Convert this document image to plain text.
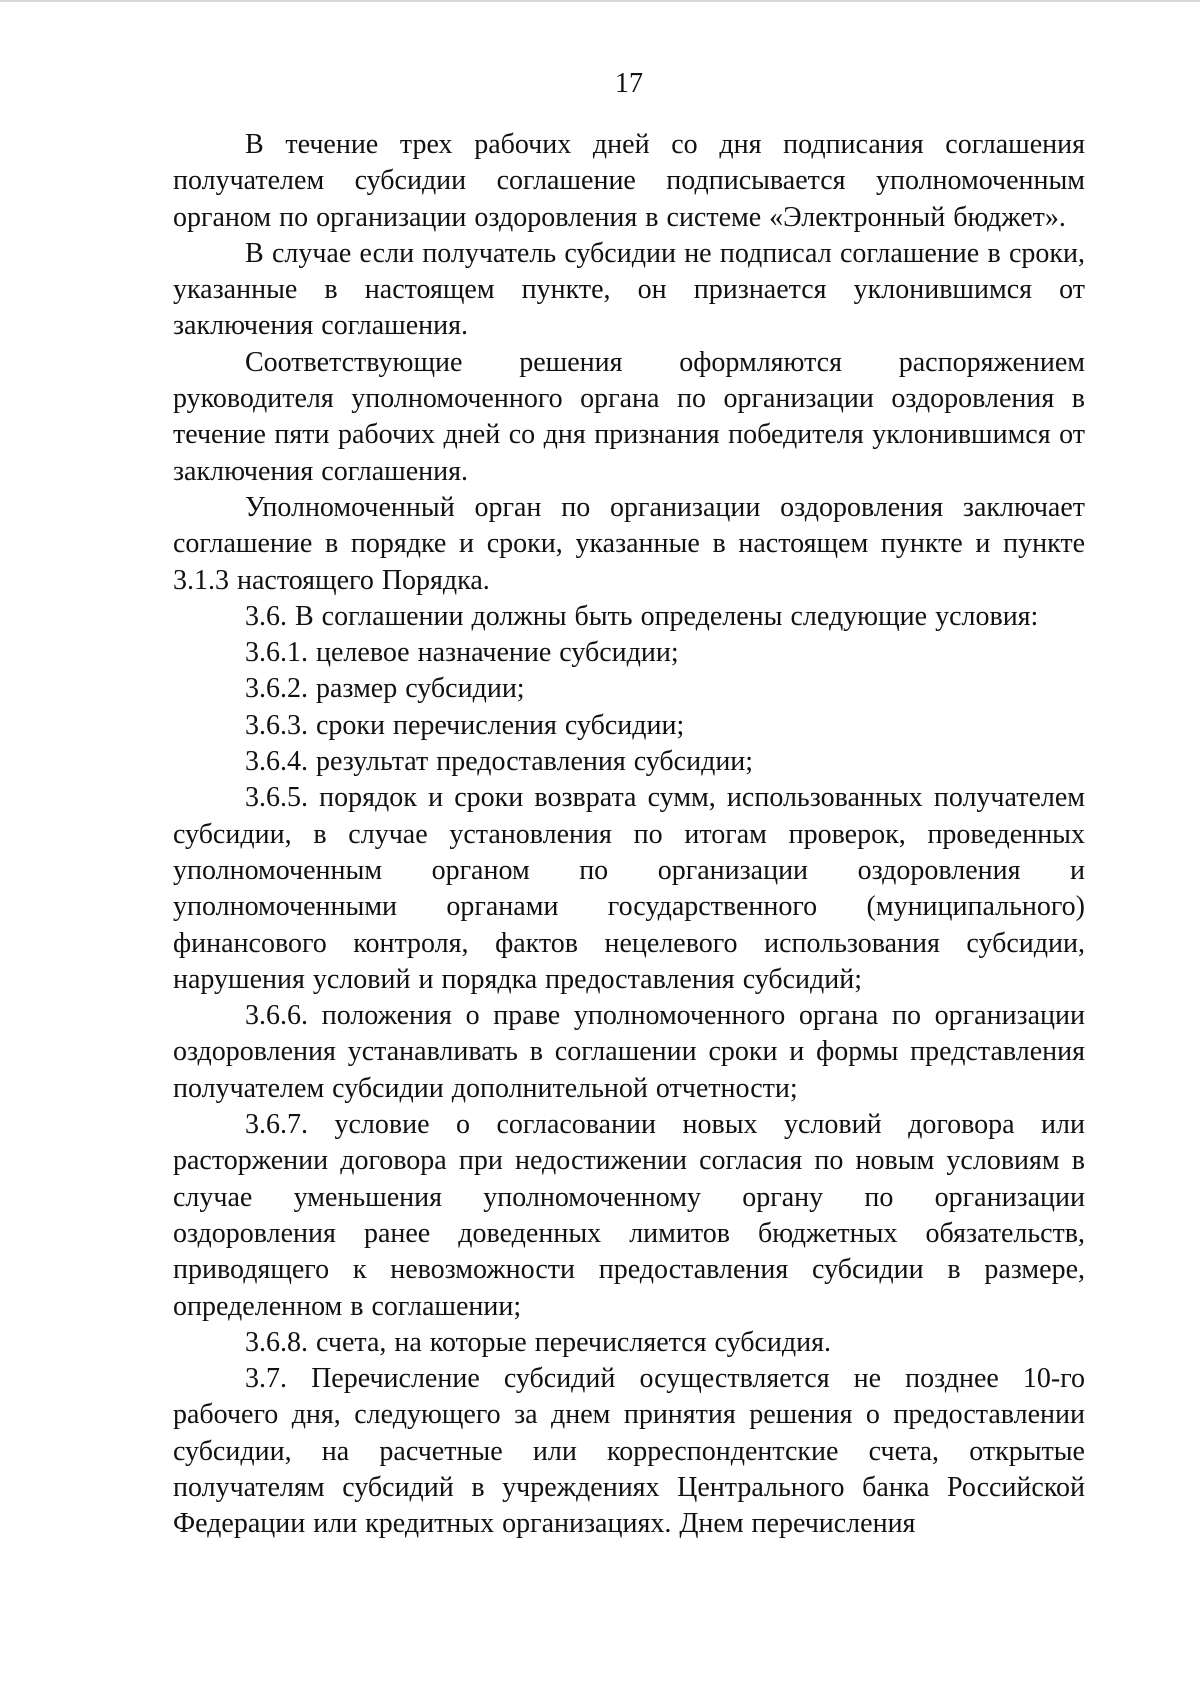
17

В течение трех рабочих дней со дня подписания соглашения получателем субсидии соглашение подписывается уполномоченным органом по организации оздоровления в системе «Электронный бюджет».

В случае если получатель субсидии не подписал соглашение в сроки, указанные в настоящем пункте, он признается уклонившимся от заключения соглашения.

Соответствующие решения оформляются распоряжением руководителя уполномоченного органа по организации оздоровления в течение пяти рабочих дней со дня признания победителя уклонившимся от заключения соглашения.

Уполномоченный орган по организации оздоровления заключает соглашение в порядке и сроки, указанные в настоящем пункте и пункте 3.1.3 настоящего Порядка.

3.6. В соглашении должны быть определены следующие условия:

3.6.1. целевое назначение субсидии;

3.6.2. размер субсидии;

3.6.3. сроки перечисления субсидии;

3.6.4. результат предоставления субсидии;

3.6.5. порядок и сроки возврата сумм, использованных получателем субсидии, в случае установления по итогам проверок, проведенных уполномоченным органом по организации оздоровления и уполномоченными органами государственного (муниципального) финансового контроля, фактов нецелевого использования субсидии, нарушения условий и порядка предоставления субсидий;

3.6.6. положения о праве уполномоченного органа по организации оздоровления устанавливать в соглашении сроки и формы представления получателем субсидии дополнительной отчетности;

3.6.7. условие о согласовании новых условий договора или расторжении договора при недостижении согласия по новым условиям в случае уменьшения уполномоченному органу по организации оздоровления ранее доведенных лимитов бюджетных обязательств, приводящего к невозможности предоставления субсидии в размере, определенном в соглашении;

3.6.8. счета, на которые перечисляется субсидия.

3.7. Перечисление субсидий осуществляется не позднее 10-го рабочего дня, следующего за днем принятия решения о предоставлении субсидии, на расчетные или корреспондентские счета, открытые получателям субсидий в учреждениях Центрального банка Российской Федерации или кредитных организациях. Днем перечисления
